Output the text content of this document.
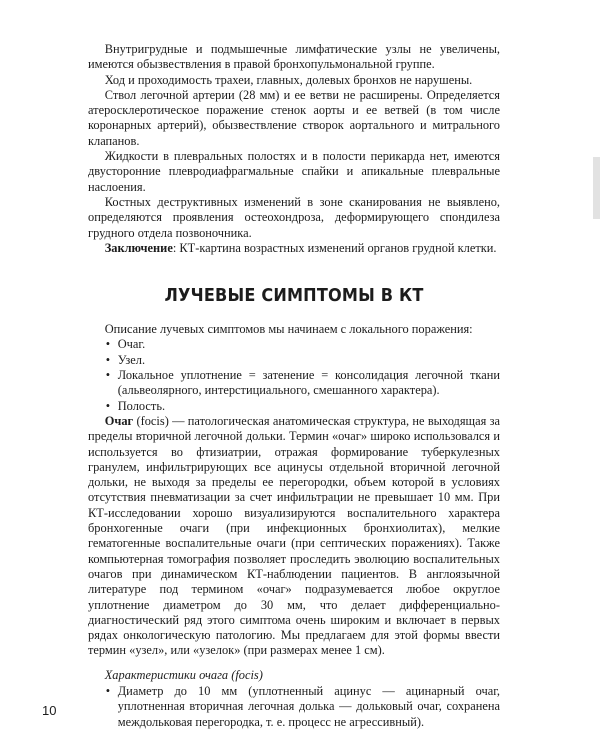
Внутригрудные и подмышечные лимфатические узлы не увеличены, имеются обызвествления в правой бронхопульмональной группе.

Ход и проходимость трахеи, главных, долевых бронхов не нарушены.

Ствол легочной артерии (28 мм) и ее ветви не расширены. Определяется атеросклеротическое поражение стенок аорты и ее ветвей (в том числе коронарных артерий), обызвествление створок аортального и митрального клапанов.

Жидкости в плевральных полостях и в полости перикарда нет, имеются двусторонние плевродиафрагмальные спайки и апикальные плевральные наслоения.

Костных деструктивных изменений в зоне сканирования не выявлено, определяются проявления остеохондроза, деформирующего спондилеза грудного отдела позвоночника.

Заключение: КТ-картина возрастных изменений органов грудной клетки.

ЛУЧЕВЫЕ СИМПТОМЫ В КТ

Описание лучевых симптомов мы начинаем с локального поражения:

• Очаг.
• Узел.
• Локальное уплотнение = затенение = консолидация легочной ткани (альвеолярного, интерстициального, смешанного характера).
• Полость.

Очаг (focis) — патологическая анатомическая структура, не выходящая за пределы вторичной легочной дольки. Термин «очаг» широко использовался и используется во фтизиатрии, отражая формирование туберкулезных гранулем, инфильтрирующих все ацинусы отдельной вторичной легочной дольки, не выходя за пределы ее перегородки, объем которой в условиях отсутствия пневматизации за счет инфильтрации не превышает 10 мм. При КТ-исследовании хорошо визуализируются воспалительного характера бронхогенные очаги (при инфекционных бронхиолитах), мелкие гематогенные воспалительные очаги (при септических поражениях). Также компьютерная томография позволяет проследить эволюцию воспалительных очагов при динамическом КТ-наблюдении пациентов. В англоязычной литературе под термином «очаг» подразумевается любое округлое уплотнение диаметром до 30 мм, что делает дифференциально-диагностический ряд этого симптома очень широким и включает в первых рядах онкологическую патологию. Мы предлагаем для этой формы ввести термин «узел», или «узелок» (при размерах менее 1 см).

Характеристики очага (focis)

• Диаметр до 10 мм (уплотненный ацинус — ацинарный очаг, уплотненная вторичная легочная долька — дольковый очаг, сохранена междольковая перегородка, т. е. процесс не агрессивный).
10
